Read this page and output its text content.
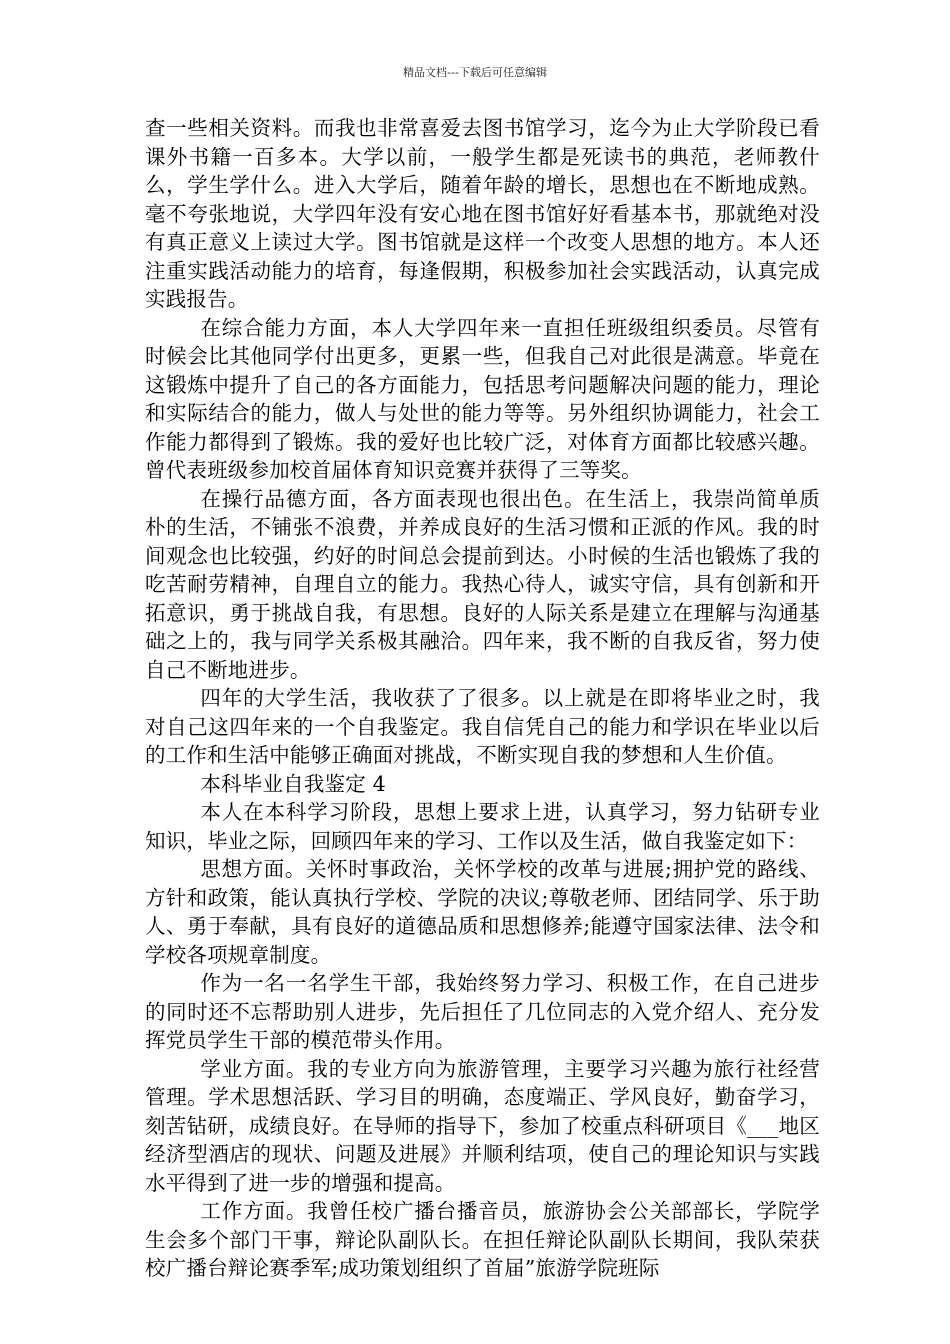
精品文档---下载后可任意编辑

查一些相关资料。而我也非常喜爱去图书馆学习，迄今为止大学阶段已看课外书籍一百多本。大学以前，一般学生都是死读书的典范，老师教什么，学生学什么。进入大学后，随着年龄的增长，思想也在不断地成熟。毫不夸张地说，大学四年没有安心地在图书馆好好看基本书，那就绝对没有真正意义上读过大学。图书馆就是这样一个改变人思想的地方。本人还注重实践活动能力的培育，每逢假期，积极参加社会实践活动，认真完成实践报告。

在综合能力方面，本人大学四年来一直担任班级组织委员。尽管有时候会比其他同学付出更多，更累一些，但我自己对此很是满意。毕竟在这锻炼中提升了自己的各方面能力，包括思考问题解决问题的能力，理论和实际结合的能力，做人与处世的能力等等。另外组织协调能力，社会工作能力都得到了锻炼。我的爱好也比较广泛，对体育方面都比较感兴趣。曾代表班级参加校首届体育知识竞赛并获得了三等奖。

在操行品德方面，各方面表现也很出色。在生活上，我崇尚简单质朴的生活，不铺张不浪费，并养成良好的生活习惯和正派的作风。我的时间观念也比较强，约好的时间总会提前到达。小时候的生活也锻炼了我的吃苦耐劳精神，自理自立的能力。我热心待人，诚实守信，具有创新和开拓意识，勇于挑战自我，有思想。良好的人际关系是建立在理解与沟通基础之上的，我与同学关系极其融洽。四年来，我不断的自我反省，努力使自己不断地进步。

四年的大学生活，我收获了了很多。以上就是在即将毕业之时，我对自己这四年来的一个自我鉴定。我自信凭自己的能力和学识在毕业以后的工作和生活中能够正确面对挑战，不断实现自我的梦想和人生价值。

本科毕业自我鉴定 4

本人在本科学习阶段，思想上要求上进，认真学习，努力钻研专业知识，毕业之际，回顾四年来的学习、工作以及生活，做自我鉴定如下：

思想方面。关怀时事政治，关怀学校的改革与进展;拥护党的路线、方针和政策，能认真执行学校、学院的决议;尊敬老师、团结同学、乐于助人、勇于奉献，具有良好的道德品质和思想修养;能遵守国家法律、法令和学校各项规章制度。

作为一名一名学生干部，我始终努力学习、积极工作，在自己进步的同时还不忘帮助别人进步，先后担任了几位同志的入党介绍人、充分发挥党员学生干部的模范带头作用。

学业方面。我的专业方向为旅游管理，主要学习兴趣为旅行社经营管理。学术思想活跃、学习目的明确，态度端正、学风良好，勤奋学习，刻苦钻研，成绩良好。在导师的指导下，参加了校重点科研项目《___地区经济型酒店的现状、问题及进展》并顺利结项，使自己的理论知识与实践水平得到了进一步的增强和提高。

工作方面。我曾任校广播台播音员，旅游协会公关部部长，学院学生会多个部门干事，辩论队副队长。在担任辩论队副队长期间，我队荣获校广播台辩论赛季军;成功策划组织了首届”旅游学院班际
